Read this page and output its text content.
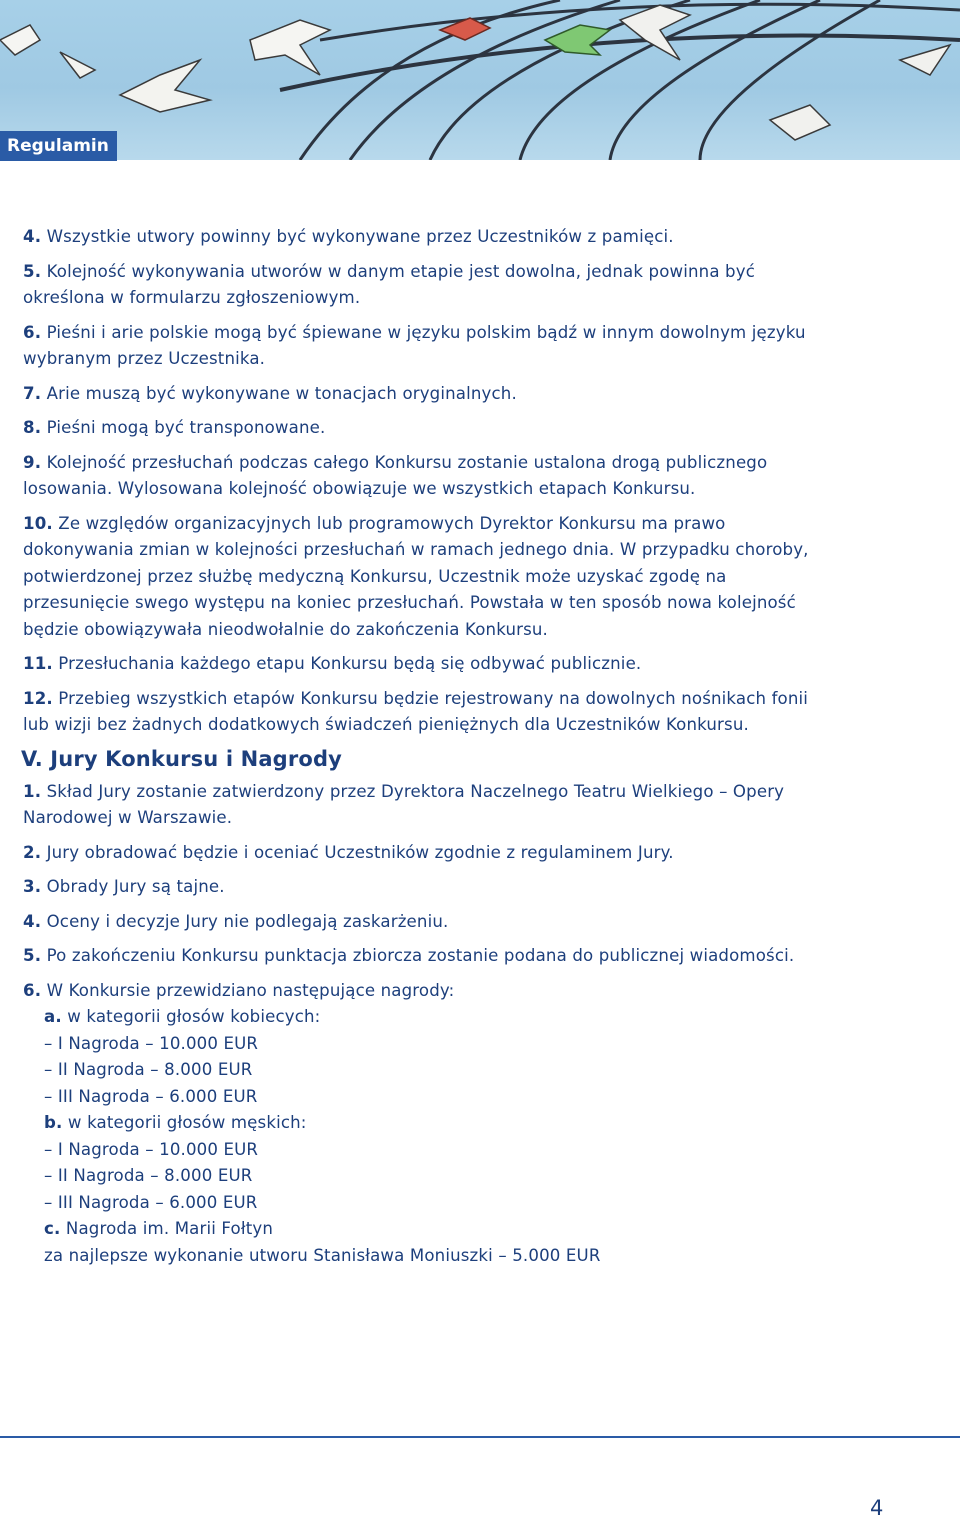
Regulamin

4. Wszystkie utwory powinny być wykonywane przez Uczestników z pamięci.

5. Kolejność wykonywania utworów w danym etapie jest dowolna, jednak powinna być określona w formularzu zgłoszeniowym.

6. Pieśni i arie polskie mogą być śpiewane w języku polskim bądź w innym dowolnym języku wybranym przez Uczestnika.

7. Arie muszą być wykonywane w tonacjach oryginalnych.

8. Pieśni mogą być transponowane.

9. Kolejność przesłuchań podczas całego Konkursu zostanie ustalona drogą publicznego losowania. Wylosowana kolejność obowiązuje we wszystkich etapach Konkursu.

10. Ze względów organizacyjnych lub programowych Dyrektor Konkursu ma prawo dokonywania zmian w kolejności przesłuchań w ramach jednego dnia. W przypadku choroby, potwierdzonej przez służbę medyczną Konkursu, Uczestnik może uzyskać zgodę na przesunięcie swego występu na koniec przesłuchań. Powstała w ten sposób nowa kolejność będzie obowiązywała nieodwołalnie do zakończenia Konkursu.

11. Przesłuchania każdego etapu Konkursu będą się odbywać publicznie.

12. Przebieg wszystkich etapów Konkursu będzie rejestrowany na dowolnych nośnikach fonii lub wizji bez żadnych dodatkowych świadczeń pieniężnych dla Uczestników Konkursu.

V. Jury Konkursu i Nagrody

1. Skład Jury zostanie zatwierdzony przez Dyrektora Naczelnego Teatru Wielkiego – Opery Narodowej w Warszawie.

2. Jury obradować będzie i oceniać Uczestników zgodnie z regulaminem Jury.

3. Obrady Jury są tajne.

4. Oceny i decyzje Jury nie podlegają zaskarżeniu.

5. Po zakończeniu Konkursu punktacja zbiorcza zostanie podana do publicznej wiadomości.

6. W Konkursie przewidziano następujące nagrody:

a. w kategorii głosów kobiecych:

– I Nagroda – 10.000 EUR

– II Nagroda – 8.000 EUR

– III Nagroda – 6.000 EUR

b. w kategorii głosów męskich:

– I Nagroda – 10.000 EUR

– II Nagroda – 8.000 EUR

– III Nagroda – 6.000 EUR

c. Nagroda im. Marii Fołtyn

za najlepsze wykonanie utworu Stanisława Moniuszki – 5.000 EUR

4
